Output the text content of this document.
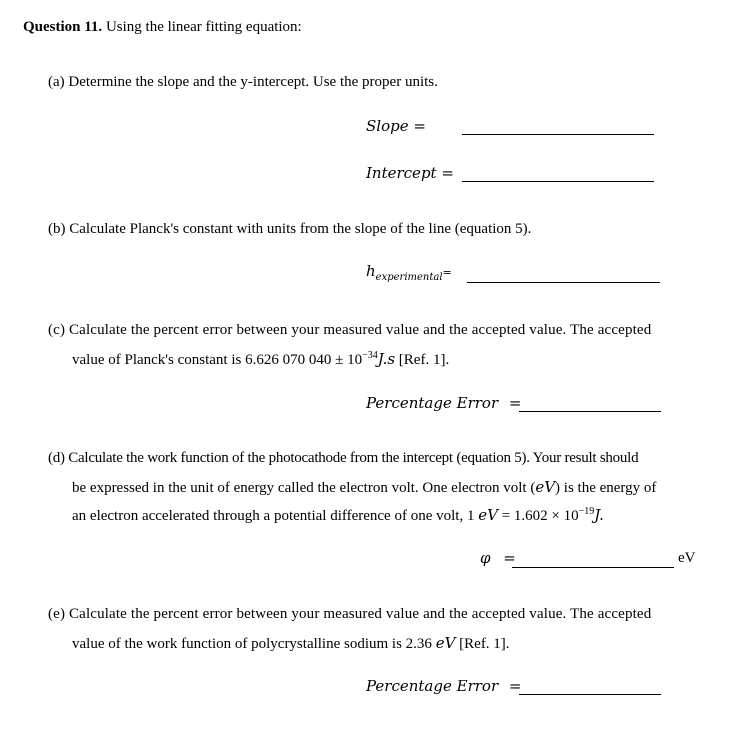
Question 11. Using the linear fitting equation:
(a) Determine the slope and the y-intercept. Use the proper units.
Slope =
Intercept =
(b) Calculate Planck's constant with units from the slope of the line (equation 5).
$h_{experimental}=$
(c) Calculate the percent error between your measured value and the accepted value. The accepted
value of Planck's constant is 6.626 070 $040 \pm 10^{-34}J.s$ [Ref. 1].
Percentage Error =
(d) Calculate the work function of the photocathode from the intercept (equation 5). Your result should
be expressed in the unit of energy called the electron volt. One electron volt (eV) is the energy of
an electron accelerated through a potential difference of one volt, 1 eV = $1.602 \times 10^{-19}J$.
φ =	eV
(e) Calculate the percent error between your measured value and the accepted value. The accepted
value of the work function of polycrystalline sodium is 2.36 eV [Ref. 1].
Percentage Error =
